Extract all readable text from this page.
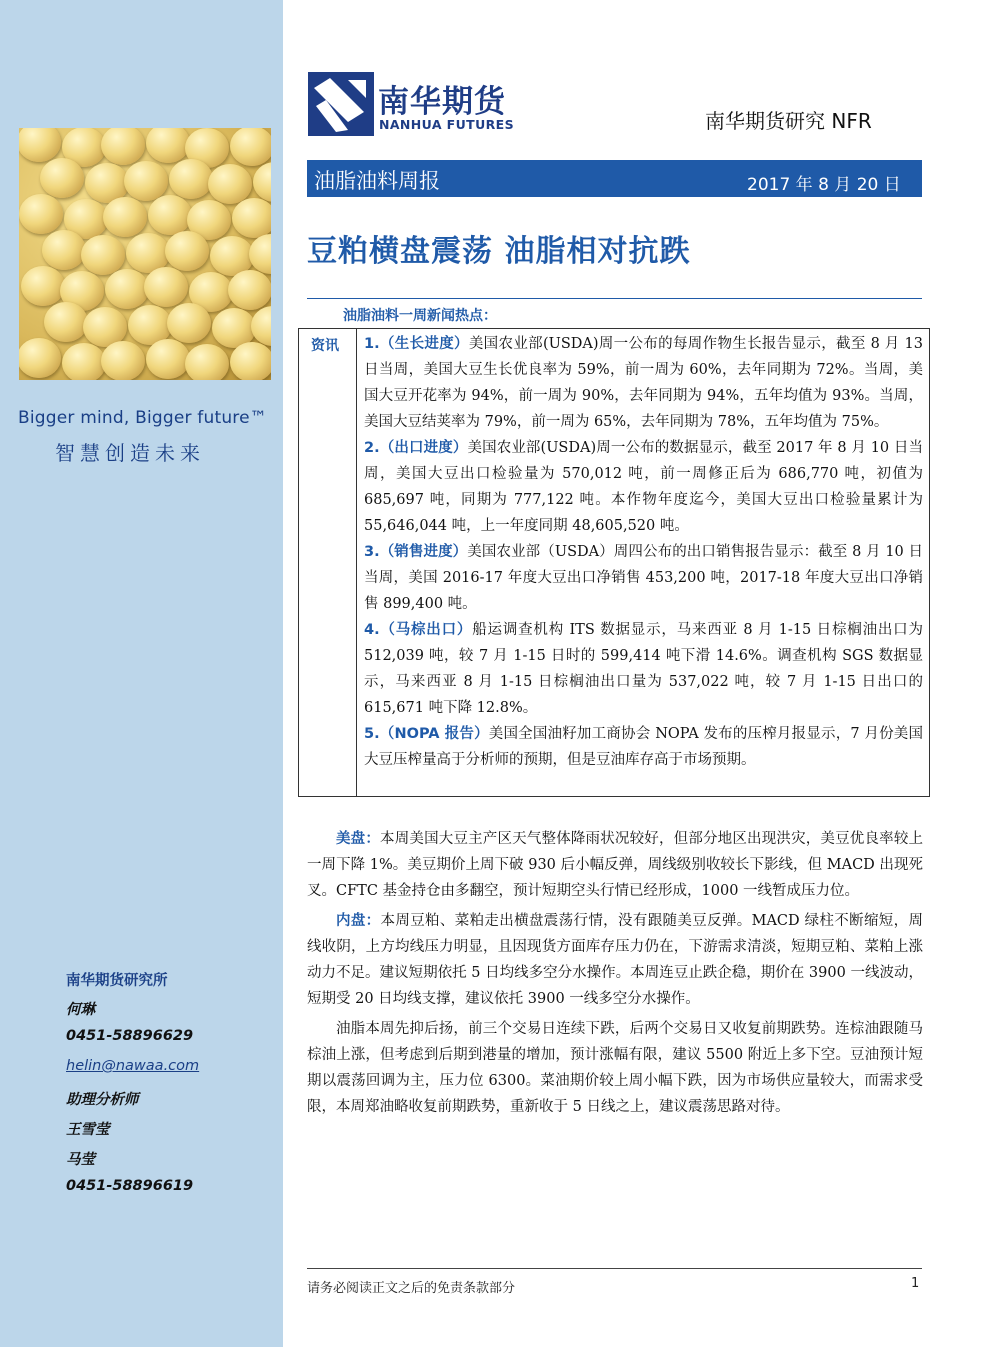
Bigger mind, Bigger future™
智慧创造未来
南华期货研究所
何琳
0451-58896629
helin@nawaa.com
助理分析师
王雪莹
马莹
0451-58896619
南华期货
NANHUA FUTURES	南华期货研究 NFR
油脂油料周报	2017 年 8 月 20 日
豆粕横盘震荡 油脂相对抗跌
油脂油料一周新闻热点：
资讯 1.（生长进度）美国农业部(USDA)周一公布的每周作物生长报告显示，截至 8 月 13 日当周，美国大豆生长优良率为 59%，前一周为 60%，去年同期为 72%。当周，美国大豆开花率为 94%，前一周为 90%，去年同期为 94%，五年均值为 93%。当周，美国大豆结荚率为 79%，前一周为 65%，去年同期为 78%，五年均值为 75%。

2.（出口进度）美国农业部(USDA)周一公布的数据显示，截至 2017 年 8 月 10 日当周，美国大豆出口检验量为 570,012 吨，前一周修正后为 686,770 吨，初值为 685,697 吨，同期为 777,122 吨。本作物年度迄今，美国大豆出口检验量累计为 55,646,044 吨，上一年度同期 48,605,520 吨。

3.（销售进度）美国农业部（USDA）周四公布的出口销售报告显示：截至 8 月 10 日当周，美国 2016-17 年度大豆出口净销售 453,200 吨，2017-18 年度大豆出口净销售 899,400 吨。

4.（马棕出口）船运调查机构 ITS 数据显示，马来西亚 8 月 1-15 日棕榈油出口为 512,039 吨，较 7 月 1-15 日时的 599,414 吨下滑 14.6%。调查机构 SGS 数据显示，马来西亚 8 月 1-15 日棕榈油出口量为 537,022 吨，较 7 月 1-15 日出口的 615,671 吨下降 12.8%。

5.（NOPA 报告）美国全国油籽加工商协会 NOPA 发布的压榨月报显示，7 月份美国大豆压榨量高于分析师的预期，但是豆油库存高于市场预期。

美盘：本周美国大豆主产区天气整体降雨状况较好，但部分地区出现洪灾，美豆优良率较上一周下降 1%。美豆期价上周下破 930 后小幅反弹，周线级别收较长下影线，但 MACD 出现死叉。CFTC 基金持仓由多翻空，预计短期空头行情已经形成，1000 一线暂成压力位。

内盘：本周豆粕、菜粕走出横盘震荡行情，没有跟随美豆反弹。MACD 绿柱不断缩短，周线收阴，上方均线压力明显，且因现货方面库存压力仍在，下游需求清淡，短期豆粕、菜粕上涨动力不足。建议短期依托 5 日均线多空分水操作。本周连豆止跌企稳，期价在 3900 一线波动，短期受 20 日均线支撑，建议依托 3900 一线多空分水操作。

油脂本周先抑后扬，前三个交易日连续下跌，后两个交易日又收复前期跌势。连棕油跟随马棕油上涨，但考虑到后期到港量的增加，预计涨幅有限，建议 5500 附近上多下空。豆油预计短期以震荡回调为主，压力位 6300。菜油期价较上周小幅下跌，因为市场供应量较大，而需求受限，本周郑油略收复前期跌势，重新收于 5 日线之上，建议震荡思路对待。

请务必阅读正文之后的免责条款部分	1
